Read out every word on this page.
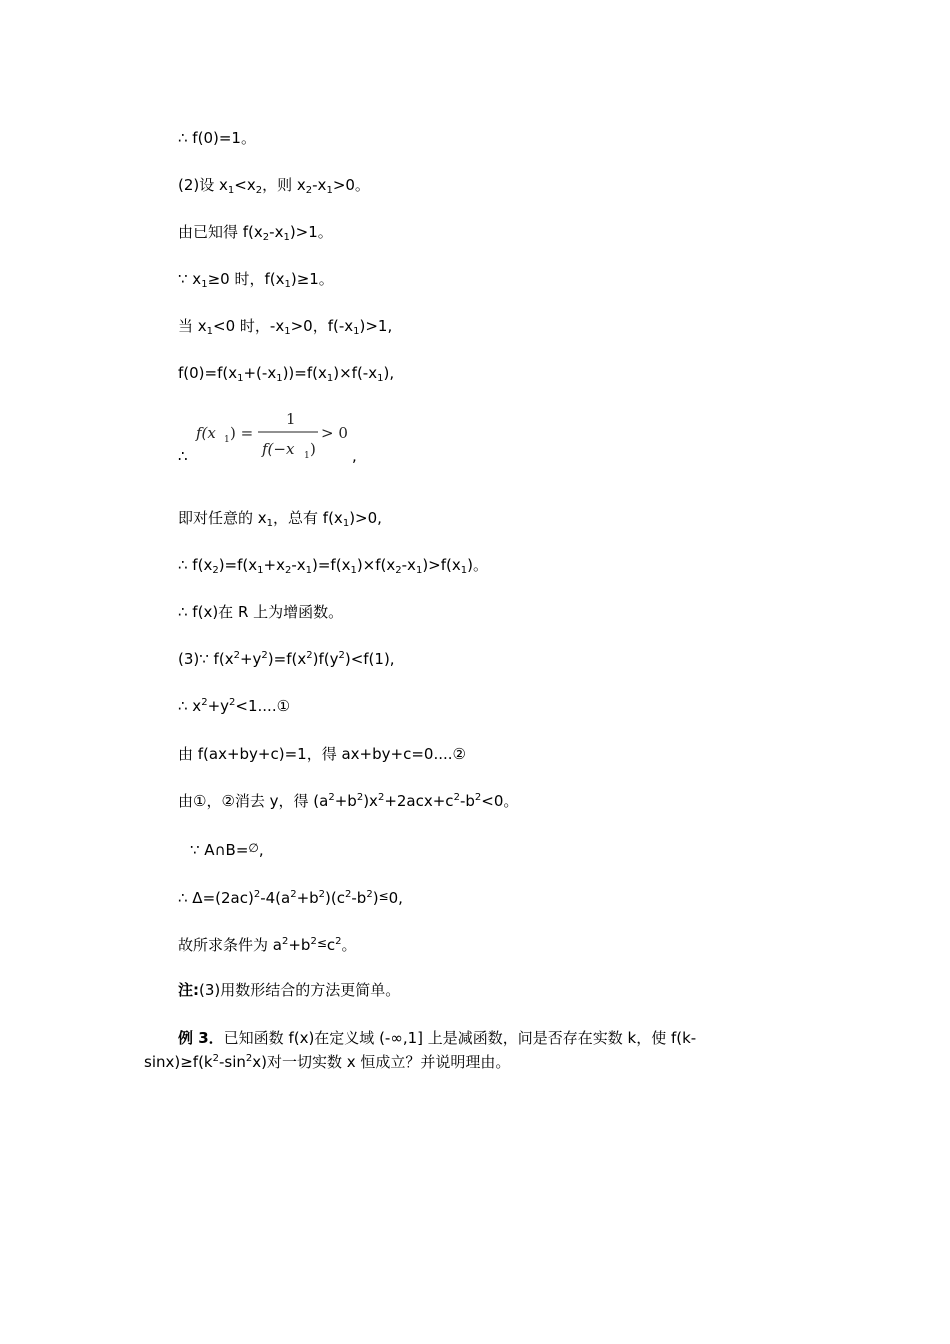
∴ f(0)=1。
(2)设 $x_1<x_2$，则 $x_2-x_1>0$。
由已知得 $f(x_2-x_1)>1$。
∵ $x_1\ge 0$ 时，$f(x_1)\ge 1$。
当 $x_1<0$ 时，$-x_1>0$，$f(-x_1)>1$,
$f(0)=f(x_1+(-x_1))=f(x_1)\times f(-x_1)$,
∴
f(x 1 ) =
1
f(−x 1 )
> 0
,
即对任意的 $x_1$，总有 $f(x_1)>0$,
∴ $f(x_2)=f(x_1+x_2-x_1)=f(x_1)\times f(x_2-x_1)>f(x_1)$。
∴ f(x)在 R 上为增函数。
(3)∵ $f(x^2+y^2)=f(x^2)f(y^2)<f(1)$,
∴ $x^2+y^2<1....①$
由 f(ax+by+c)=1，得 ax+by+c=0....②
由①，②消去 y，得 $(a^2+b^2)x^2+2acx+c^2-b^2<0$。
∵ A∩B=∅,
∴ $\Delta=(2ac)^2-4(a^2+b^2)(c^2-b^2)^\le 0$,
故所求条件为 $a^2+b^{2\le}c^2$。
注:(3)用数形结合的方法更简单。
例 3．已知函数 f(x)在定义域 (-∞,1] 上是减函数，问是否存在实数 k，使 f(k-
$\sin x)\ge f(k^2-\sin^2x)$对一切实数 x 恒成立？并说明理由。
